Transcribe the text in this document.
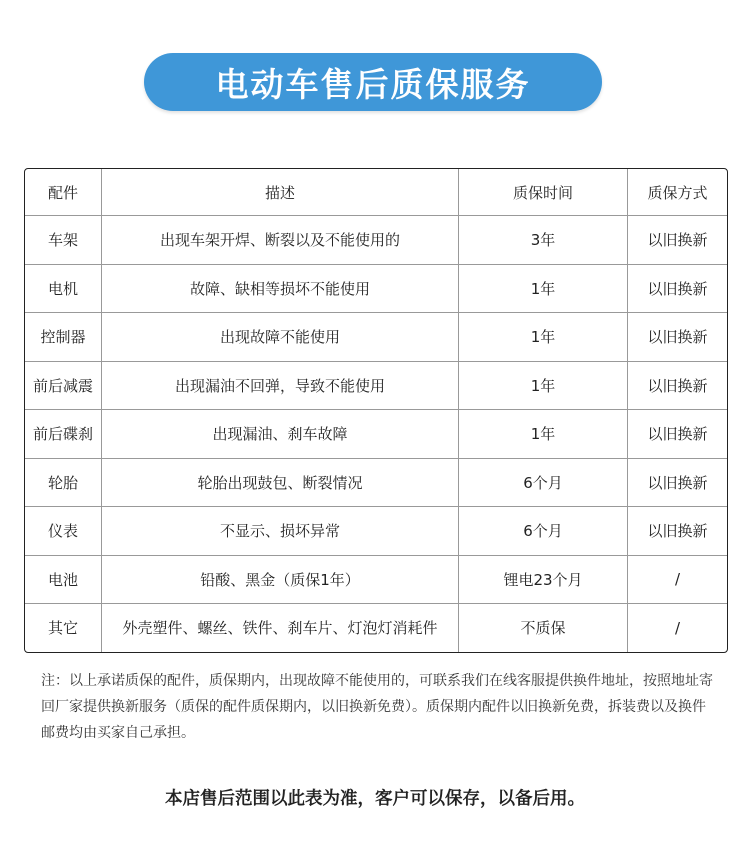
电动车售后质保服务
配件	描述	质保时间	质保方式
车架	出现车架开焊、断裂以及不能使用的	3年	以旧换新
电机	故障、缺相等损坏不能使用	1年	以旧换新
控制器	出现故障不能使用	1年	以旧换新
前后减震	出现漏油不回弹，导致不能使用	1年	以旧换新
前后碟刹	出现漏油、刹车故障	1年	以旧换新
轮胎	轮胎出现鼓包、断裂情况	6个月	以旧换新
仪表	不显示、损坏异常	6个月	以旧换新
电池	铅酸、黑金（质保1年）	锂电23个月	/
其它	外壳塑件、螺丝、铁件、刹车片、灯泡灯消耗件	不质保	/

注：以上承诺质保的配件，质保期内，出现故障不能使用的，可联系我们在线客服提供换件地址，按照地址寄回厂家提供换新服务（质保的配件质保期内，以旧换新免费）。质保期内配件以旧换新免费，拆装费以及换件邮费均由买家自己承担。

本店售后范围以此表为准，客户可以保存，以备后用。
